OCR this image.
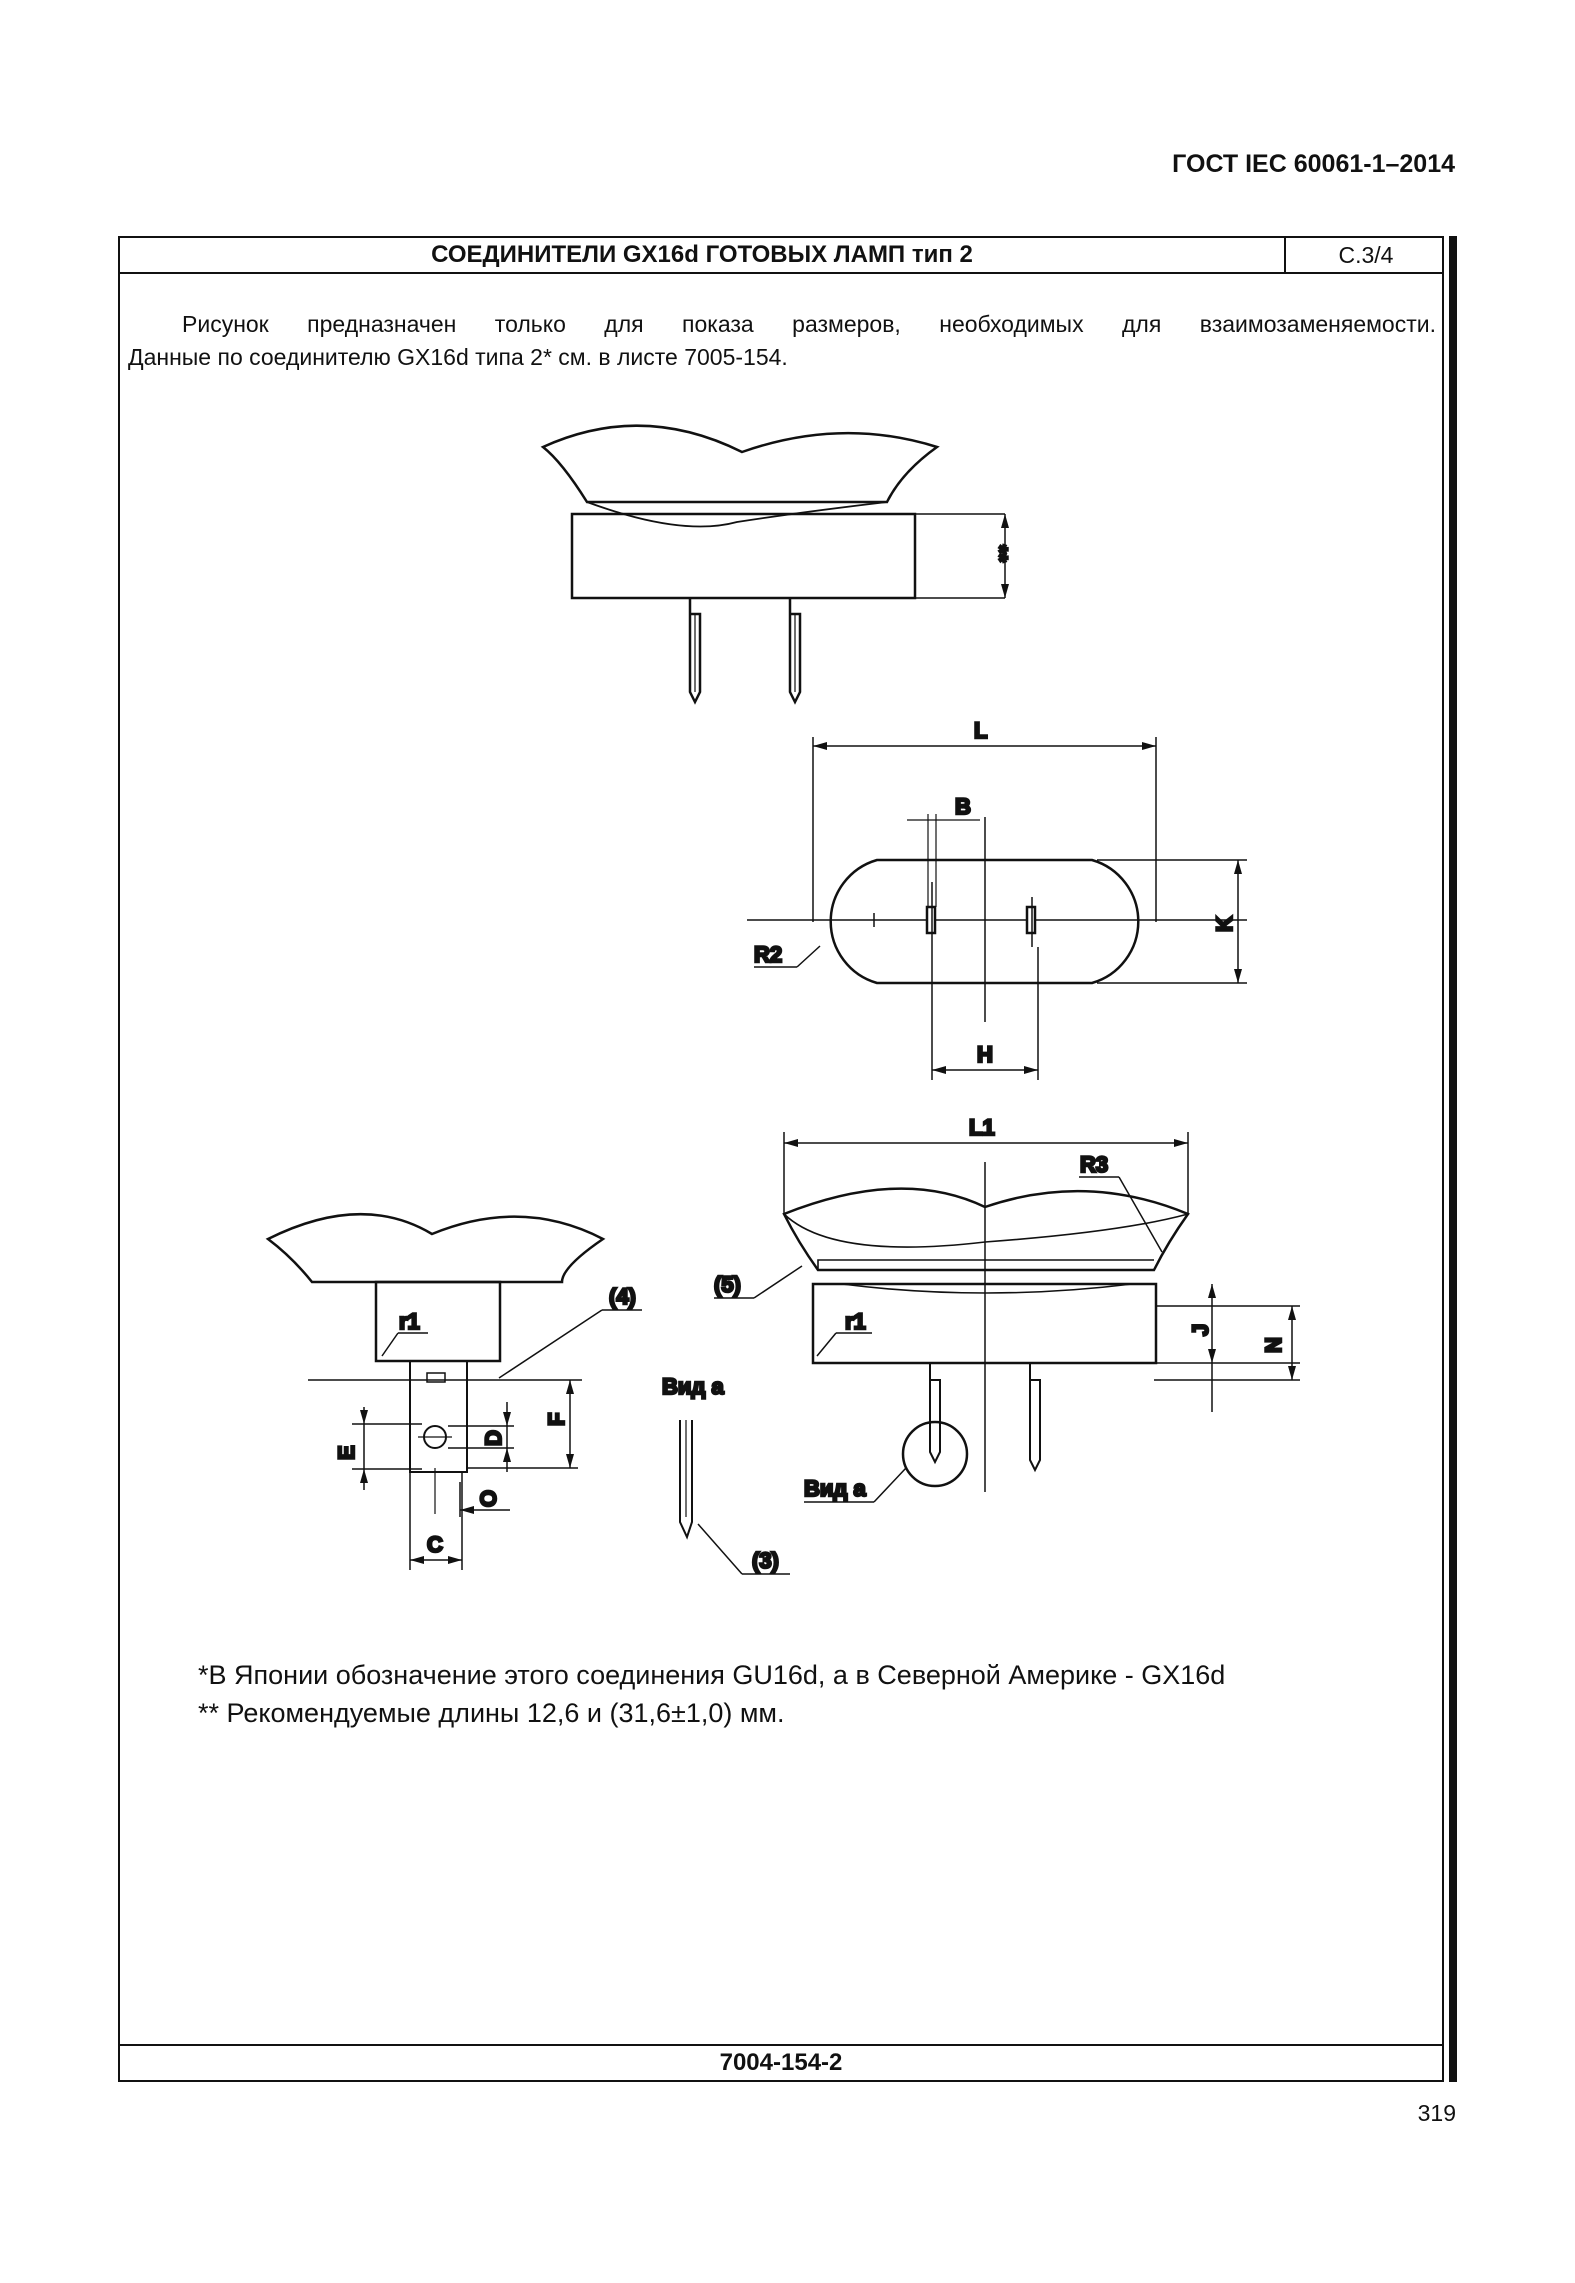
ГОСТ IEC 60061-1–2014
СОЕДИНИТЕЛИ GX16d ГОТОВЫХ ЛАМП тип 2	С.3/4

Рисунок предназначен только для показа размеров, необходимых для взаимозаменяемости.

Данные по соединителю GX16d типа 2* см. в листе 7005-154.

**
L
B
K
R2
H
L1
R3
(5)
r1	J
N
Вид а
Вид а
(3)
r1
(4)
E
D
F
O
C

*В Японии обозначение этого соединения GU16d, а в Северной Америке - GX16d

** Рекомендуемые длины 12,6 и (31,6±1,0) мм.

7004-154-2
319
